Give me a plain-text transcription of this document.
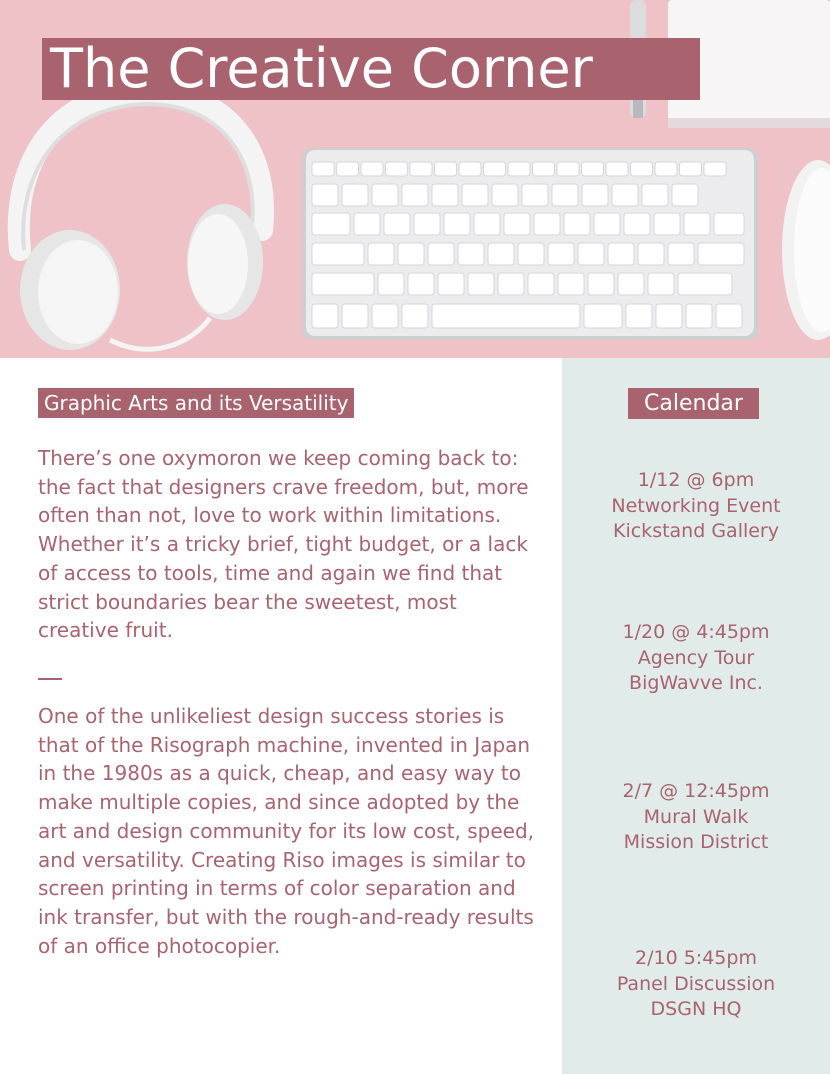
The Creative Corner
Graphic Arts and its Versatility
There’s one oxymoron we keep coming back to: the fact that designers crave freedom, but, more often than not, love to work within limitations. Whether it’s a tricky brief, tight budget, or a lack of access to tools, time and again we find that strict boundaries bear the sweetest, most creative fruit.
One of the unlikeliest design success stories is that of the Risograph machine, invented in Japan in the 1980s as a quick, cheap, and easy way to make multiple copies, and since adopted by the art and design community for its low cost, speed, and versatility. Creating Riso images is similar to screen printing in terms of color separation and ink transfer, but with the rough-and-ready results of an office photocopier.
Calendar
1/12 @ 6pm
Networking Event
Kickstand Gallery
1/20 @ 4:45pm
Agency Tour
BigWavve Inc.
2/7 @ 12:45pm
Mural Walk
Mission District
2/10 5:45pm
Panel Discussion
DSGN HQ
